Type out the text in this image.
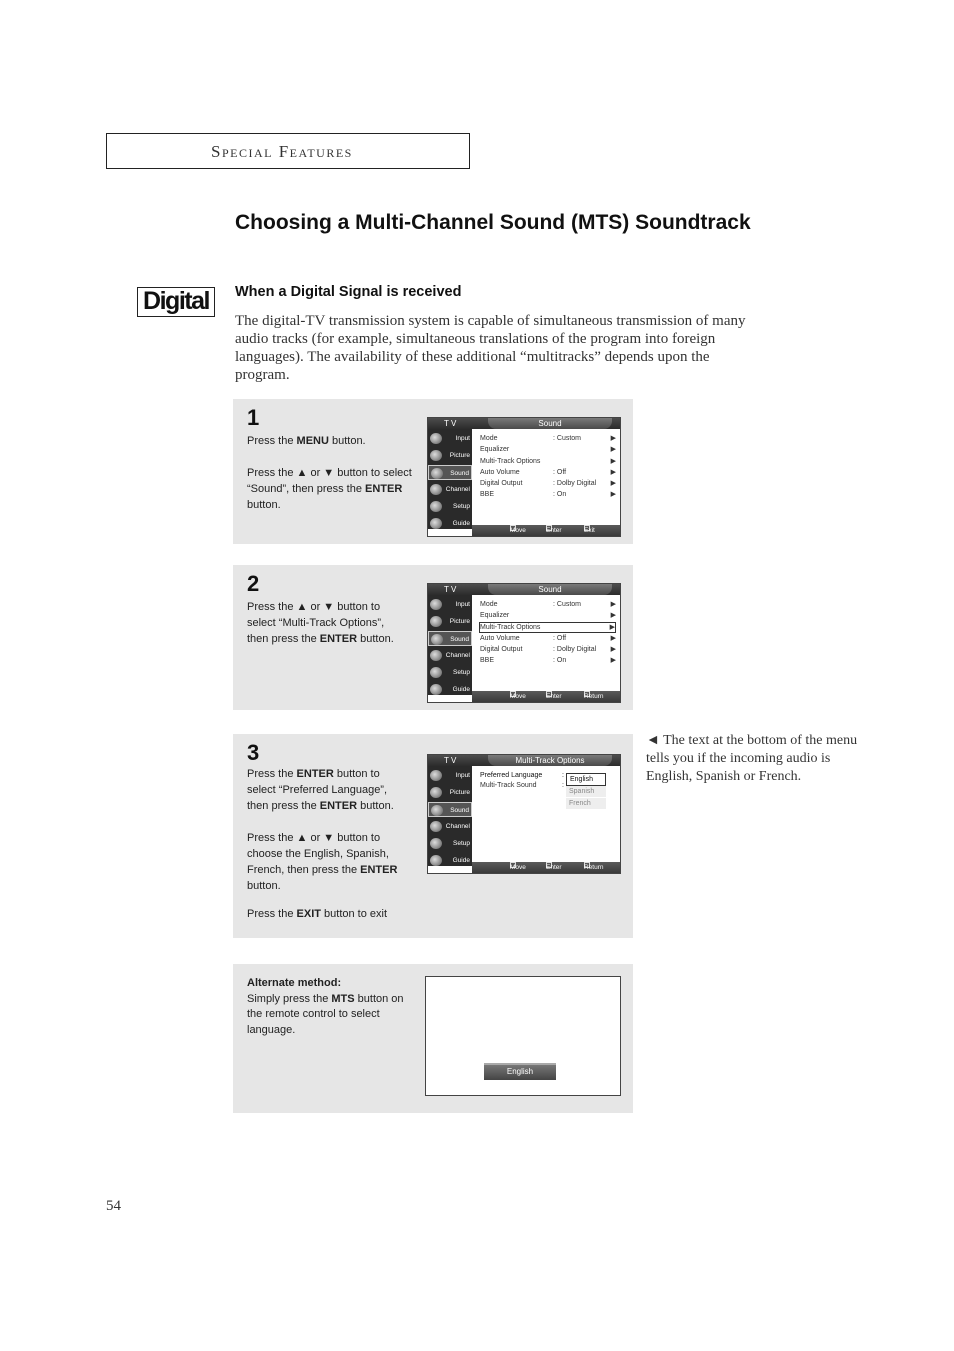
Special Features
Choosing a Multi-Channel Sound (MTS) Soundtrack
Digital	When a Digital Signal is received
The digital-TV transmission system is capable of simultaneous transmission of many audio tracks (for example, simultaneous translations of the program into foreign languages). The availability of these additional “multitracks” depends upon the program.
1

Press the MENU button.

Press the ▲ or ▼ button to select “Sound”, then press the ENTER button.

T V	Sound
Input
Picture
Sound
Channel
Setup
Guide
Mode	: Custom	▶
Equalizer	▶
Multi-Track Options	▶
Auto Volume	: Off	▶
Digital Output	: Dolby Digital ▶
BBE	: On	▶
Move	Enter	Exit
2

Press the ▲ or ▼ button to select “Multi-Track Options”, then press the ENTER button.

T V	Sound
Input
Picture
Sound
Channel
Setup
Guide
Mode	: Custom	▶
Equalizer	▶
Multi-Track Options	▶
Auto Volume	: Off	▶
Digital Output	: Dolby Digital ▶
BBE	: On	▶
Move	Enter	Return
3

Press the ENTER button to select “Preferred Language”, then press the ENTER button.

Press the ▲ or ▼ button to choose the English, Spanish, French, then press the ENTER button.

Press the EXIT button to exit

T V	Multi-Track Options
Input
Picture
Sound
Channel
Setup
Guide
Preferred Language	:
Multi-Track Sound	:
English
Spanish
French
Move	Enter	Return
◄ The text at the bottom of the menu tells you if the incoming audio is English, Spanish or French.
Alternate method:
Simply press the MTS button on the remote control to select language.
English
54
